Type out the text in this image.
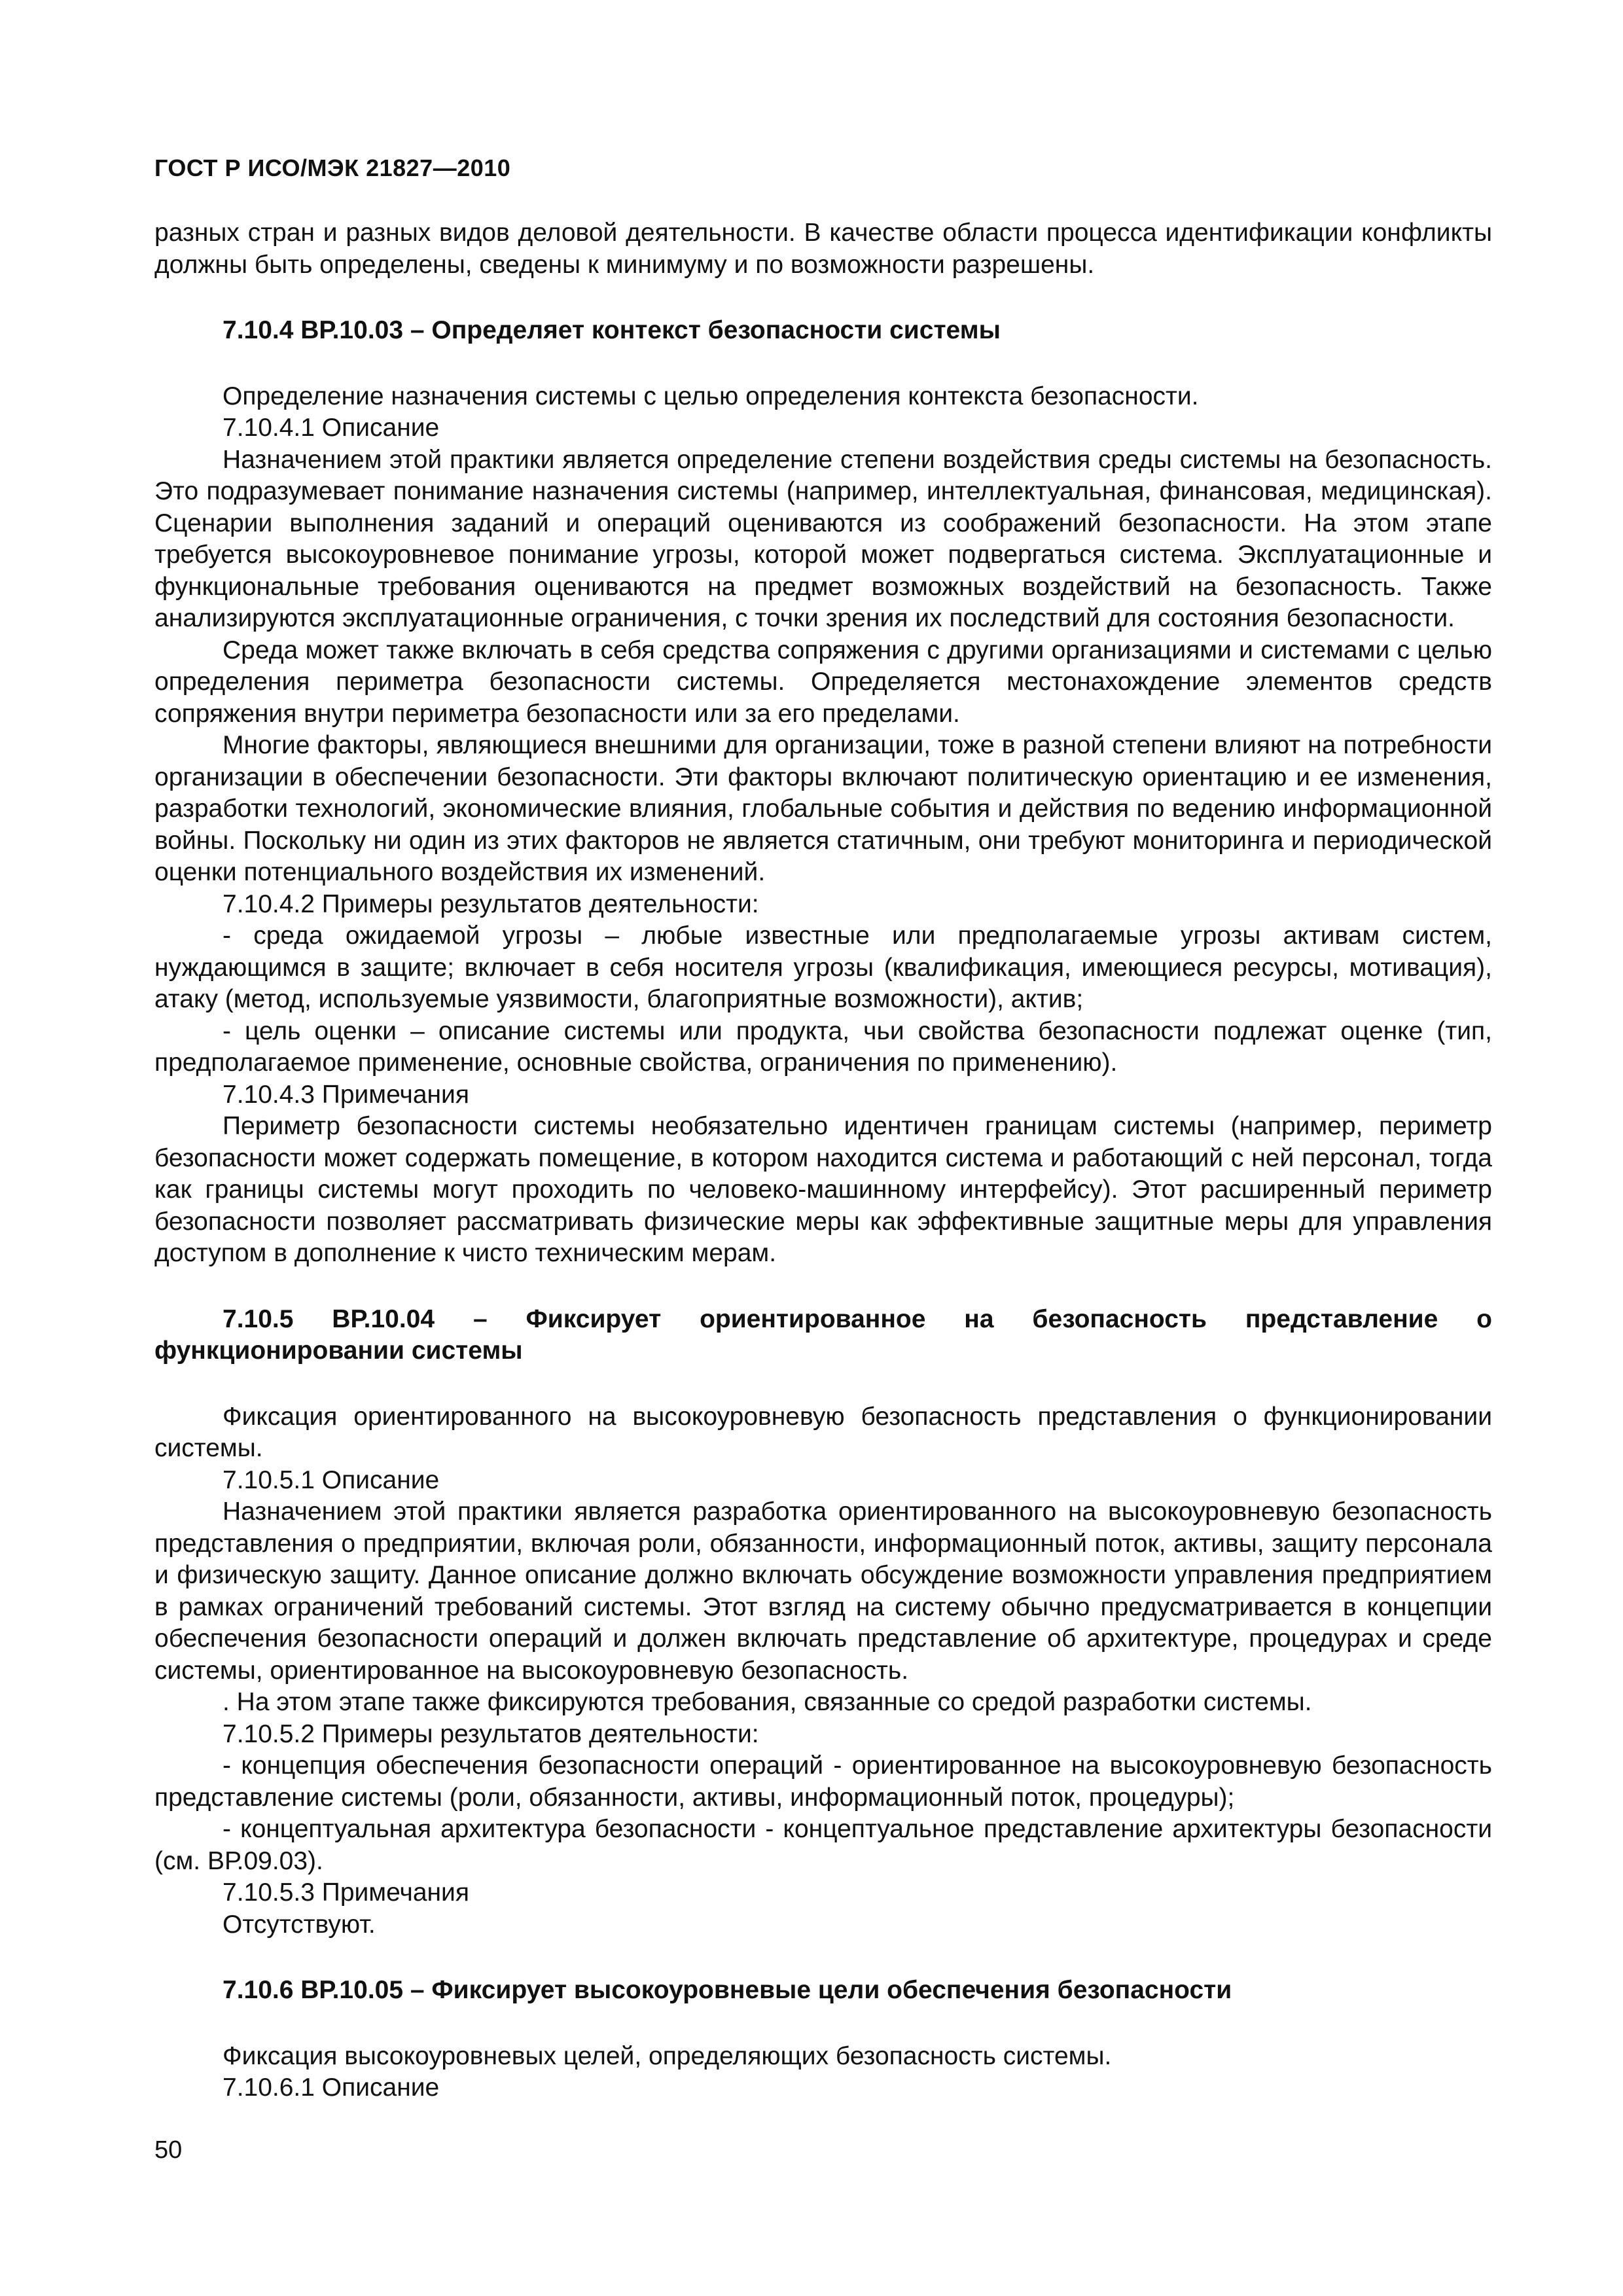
ГОСТ Р ИСО/МЭК 21827—2010

разных стран и разных видов деловой деятельности. В качестве области процесса идентификации конфликты должны быть определены, сведены к минимуму и по возможности разрешены.

7.10.4 ВР.10.03 – Определяет контекст безопасности системы

Определение назначения системы с целью определения контекста безопасности.

7.10.4.1 Описание

Назначением этой практики является определение степени воздействия среды системы на безопасность. Это подразумевает понимание назначения системы (например, интеллектуальная, финансовая, медицинская). Сценарии выполнения заданий и операций оцениваются из соображений безопасности. На этом этапе требуется высокоуровневое понимание угрозы, которой может подвергаться система. Эксплуатационные и функциональные требования оцениваются на предмет возможных воздействий на безопасность. Также анализируются эксплуатационные ограничения, с точки зрения их последствий для состояния безопасности.

Среда может также включать в себя средства сопряжения с другими организациями и системами с целью определения периметра безопасности системы. Определяется местонахождение элементов средств сопряжения внутри периметра безопасности или за его пределами.

Многие факторы, являющиеся внешними для организации, тоже в разной степени влияют на потребности организации в обеспечении безопасности. Эти факторы включают политическую ориентацию и ее изменения, разработки технологий, экономические влияния, глобальные события и действия по ведению информационной войны. Поскольку ни один из этих факторов не является статичным, они требуют мониторинга и периодической оценки потенциального воздействия их изменений.

7.10.4.2 Примеры результатов деятельности:

- среда ожидаемой угрозы – любые известные или предполагаемые угрозы активам систем, нуждающимся в защите; включает в себя носителя угрозы (квалификация, имеющиеся ресурсы, мотивация), атаку (метод, используемые уязвимости, благоприятные возможности), актив;

- цель оценки – описание системы или продукта, чьи свойства безопасности подлежат оценке (тип, предполагаемое применение, основные свойства, ограничения по применению).

7.10.4.3 Примечания

Периметр безопасности системы необязательно идентичен границам системы (например, периметр безопасности может содержать помещение, в котором находится система и работающий с ней персонал, тогда как границы системы могут проходить по человеко-машинному интерфейсу). Этот расширенный периметр безопасности позволяет рассматривать физические меры как эффективные защитные меры для управления доступом в дополнение к чисто техническим мерам.

7.10.5 ВР.10.04 – Фиксирует ориентированное на безопасность представление о функционировании системы

Фиксация ориентированного на высокоуровневую безопасность представления о функционировании системы.

7.10.5.1 Описание

Назначением этой практики является разработка ориентированного на высокоуровневую безопасность представления о предприятии, включая роли, обязанности, информационный поток, активы, защиту персонала и физическую защиту. Данное описание должно включать обсуждение возможности управления предприятием в рамках ограничений требований системы. Этот взгляд на систему обычно предусматривается в концепции обеспечения безопасности операций и должен включать представление об архитектуре, процедурах и среде системы, ориентированное на высокоуровневую безопасность.

. На этом этапе также фиксируются требования, связанные со средой разработки системы.

7.10.5.2 Примеры результатов деятельности:

- концепция обеспечения безопасности операций - ориентированное на высокоуровневую безопасность представление системы (роли, обязанности, активы, информационный поток, процедуры);

- концептуальная архитектура безопасности - концептуальное представление архитектуры безопасности (см. ВР.09.03).

7.10.5.3 Примечания

Отсутствуют.

7.10.6 ВР.10.05 – Фиксирует высокоуровневые цели обеспечения безопасности

Фиксация высокоуровневых целей, определяющих безопасность системы.

7.10.6.1 Описание

50
